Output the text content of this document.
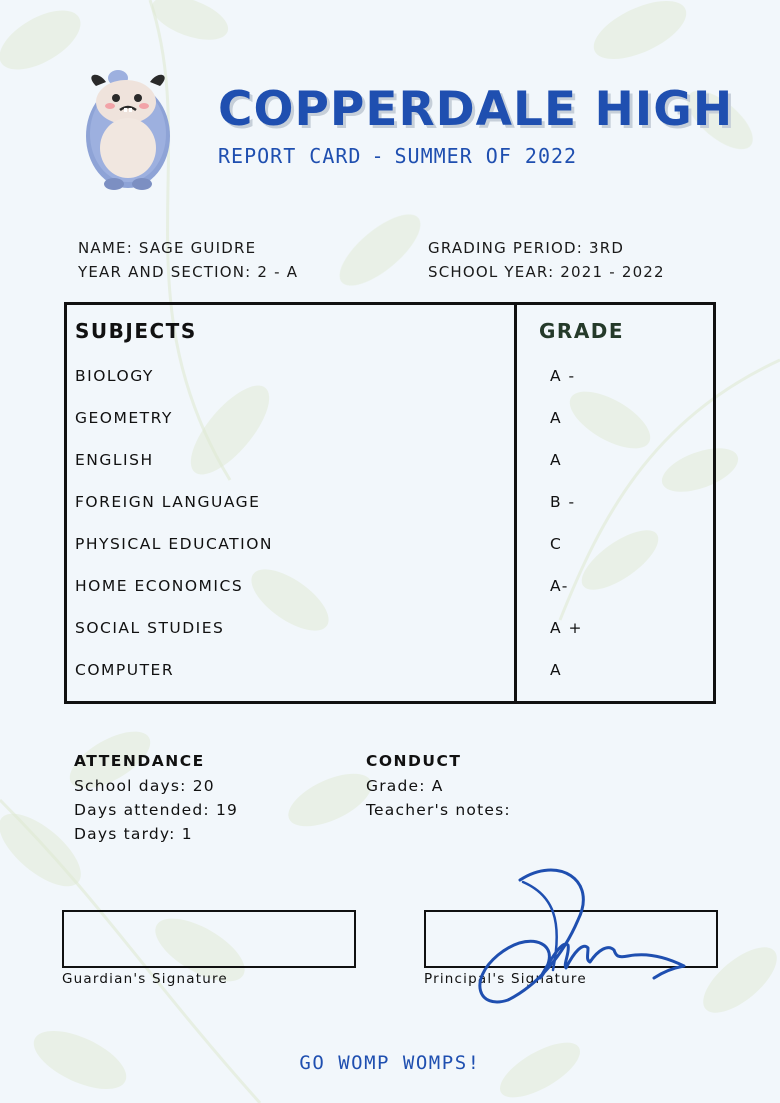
COPPERDALE HIGH
REPORT CARD - SUMMER OF 2022
NAME: SAGE GUIDRE
YEAR AND SECTION: 2 - A
GRADING PERIOD: 3RD
SCHOOL YEAR: 2021 - 2022
SUBJECTS	GRADE
BIOLOGY	A -
GEOMETRY	A
ENGLISH	A
FOREIGN LANGUAGE	B -
PHYSICAL EDUCATION	C
HOME ECONOMICS	A-
SOCIAL STUDIES	A +
COMPUTER	A
ATTENDANCE
School days: 20
Days attended: 19
Days tardy: 1
CONDUCT
Grade: A
Teacher's notes:
Guardian's Signature	Principal's Signature
GO WOMP WOMPS!
